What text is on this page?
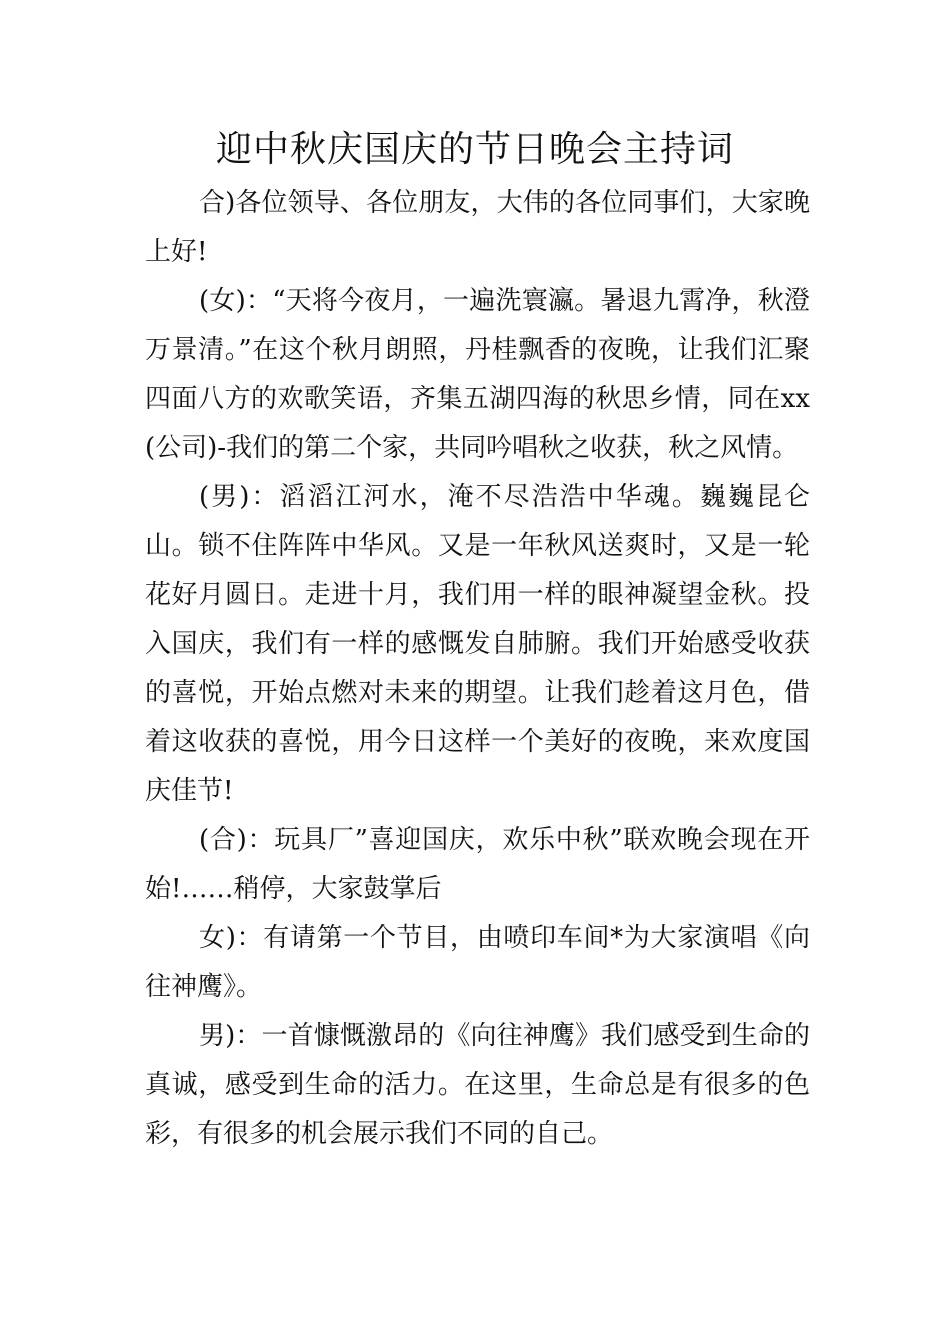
迎中秋庆国庆的节日晚会主持词

合)各位领导、各位朋友，大伟的各位同事们，大家晚上好!

(女)：“天将今夜月，一遍洗寰瀛。暑退九霄净，秋澄万景清。”在这个秋月朗照，丹桂飘香的夜晚，让我们汇聚四面八方的欢歌笑语，齐集五湖四海的秋思乡情，同在xx(公司)-我们的第二个家，共同吟唱秋之收获，秋之风情。

(男)：滔滔江河水，淹不尽浩浩中华魂。巍巍昆仑山。锁不住阵阵中华风。又是一年秋风送爽时，又是一轮花好月圆日。走进十月，我们用一样的眼神凝望金秋。投入国庆，我们有一样的感慨发自肺腑。我们开始感受收获的喜悦，开始点燃对未来的期望。让我们趁着这月色，借着这收获的喜悦，用今日这样一个美好的夜晚，来欢度国庆佳节!

(合)：玩具厂”喜迎国庆，欢乐中秋”联欢晚会现在开始!……稍停，大家鼓掌后

女)：有请第一个节目，由喷印车间*为大家演唱《向往神鹰》。

男)：一首慷慨激昂的《向往神鹰》我们感受到生命的真诚，感受到生命的活力。在这里，生命总是有很多的色彩，有很多的机会展示我们不同的自己。
